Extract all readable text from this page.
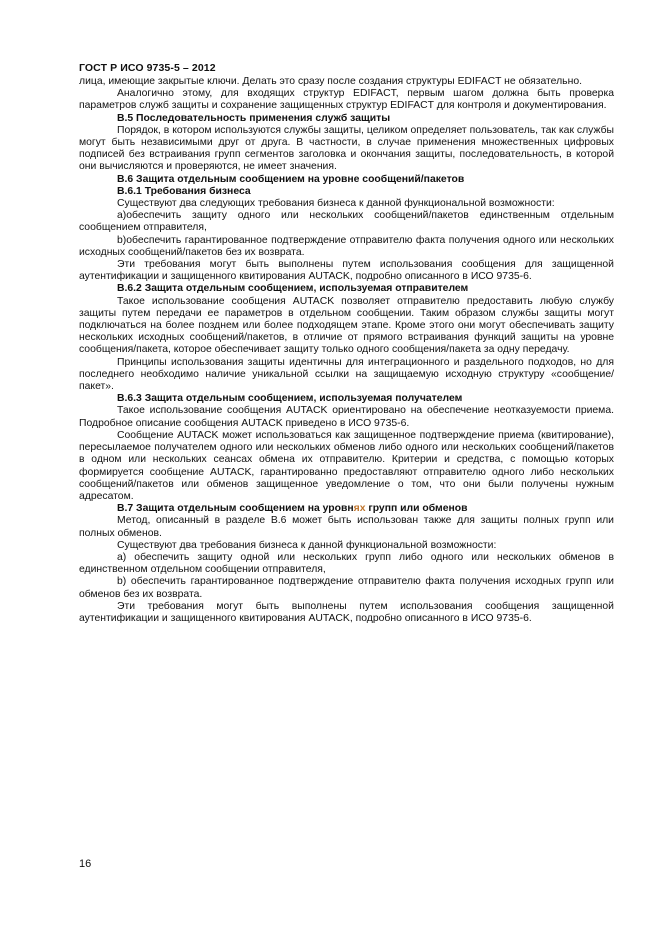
ГОСТ Р ИСО 9735-5 – 2012

лица, имеющие закрытые ключи. Делать это сразу после создания структуры EDIFACT не обязательно.

Аналогично этому, для входящих структур EDIFACT, первым шагом должна быть проверка параметров служб защиты и сохранение защищенных структур EDIFACT для контроля и документирования.

B.5 Последовательность применения служб защиты

Порядок, в котором используются службы защиты, целиком определяет пользователь, так как службы могут быть независимыми друг от друга. В частности, в случае применения множественных цифровых подписей без встраивания групп сегментов заголовка и окончания защиты, последовательность, в которой они вычисляются и проверяются, не имеет значения.

B.6 Защита отдельным сообщением на уровне сообщений/пакетов

B.6.1 Требования бизнеса

Существуют два следующих требования бизнеса к данной функциональной возможности:

a)обеспечить защиту одного или нескольких сообщений/пакетов единственным отдельным сообщением отправителя,

b)обеспечить гарантированное подтверждение отправителю факта получения одного или нескольких исходных сообщений/пакетов без их возврата.

Эти требования могут быть выполнены путем использования сообщения для защищенной аутентификации и защищенного квитирования AUTACK, подробно описанного в ИСО 9735-6.

B.6.2 Защита отдельным сообщением, используемая отправителем

Такое использование сообщения AUTACK позволяет отправителю предоставить любую службу защиты путем передачи ее параметров в отдельном сообщении. Таким образом службы защиты могут подключаться на более позднем или более подходящем этапе. Кроме этого они могут обеспечивать защиту нескольких исходных сообщений/пакетов, в отличие от прямого встраивания функций защиты на уровне сообщения/пакета, которое обеспечивает защиту только одного сообщения/пакета за одну передачу.

Принципы использования защиты идентичны для интеграционного и раздельного подходов, но для последнего необходимо наличие уникальной ссылки на защищаемую исходную структуру «сообщение/пакет».

B.6.3 Защита отдельным сообщением, используемая получателем

Такое использование сообщения AUTACK ориентировано на обеспечение неотказуемости приема. Подробное описание сообщения AUTACK приведено в ИСО 9735-6.

Сообщение AUTACK может использоваться как защищенное подтверждение приема (квитирование), пересылаемое получателем одного или нескольких обменов либо одного или нескольких сообщений/пакетов в одном или нескольких сеансах обмена их отправителю. Критерии и средства, с помощью которых формируется сообщение AUTACK, гарантированно предоставляют отправителю одного либо нескольких сообщений/пакетов или обменов защищенное уведомление о том, что они были получены нужным адресатом.

B.7 Защита отдельным сообщением на уровнях групп или обменов

Метод, описанный в разделе B.6 может быть использован также для защиты полных групп или полных обменов.

Существуют два требования бизнеса к данной функциональной возможности:

a) обеспечить защиту одной или нескольких групп либо одного или нескольких обменов в единственном отдельном сообщении отправителя,

b) обеспечить гарантированное подтверждение отправителю факта получения исходных групп или обменов без их возврата.

Эти требования могут быть выполнены путем использования сообщения защищенной аутентификации и защищенного квитирования AUTACK, подробно описанного в ИСО 9735-6.

16
